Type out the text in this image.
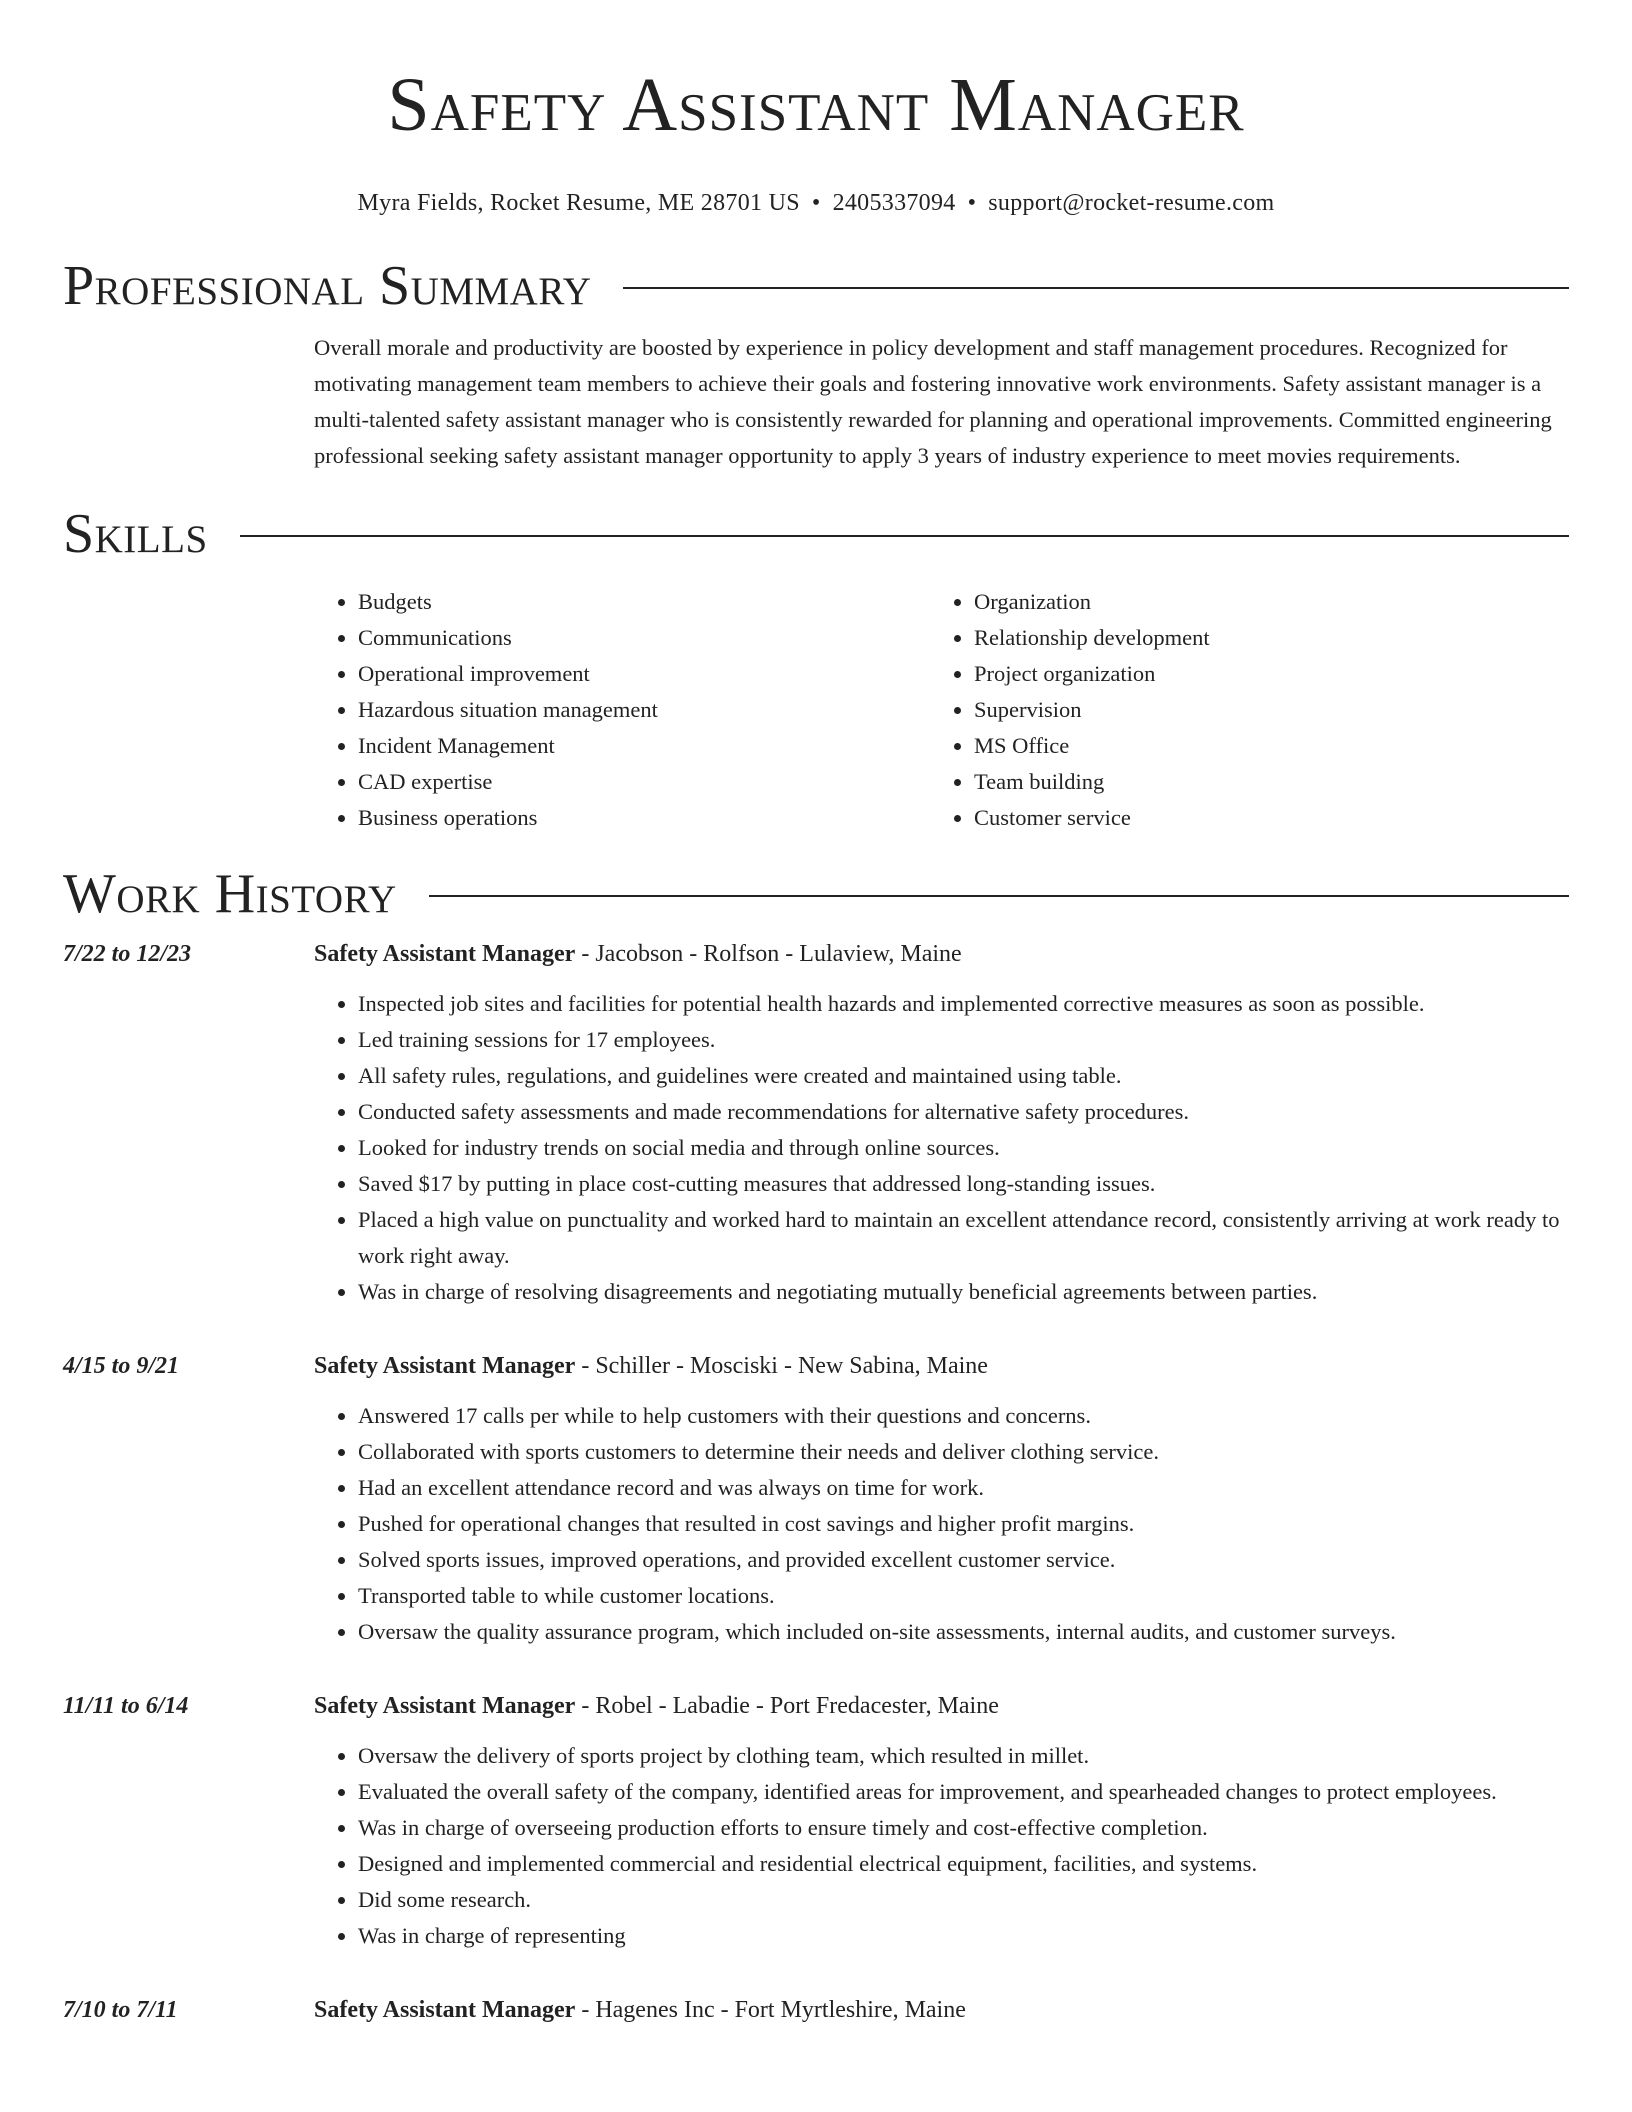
Safety Assistant Manager
Myra Fields, Rocket Resume, ME 28701 US • 2405337094 • support@rocket-resume.com
Professional Summary

Overall morale and productivity are boosted by experience in policy development and staff management procedures. Recognized for motivating management team members to achieve their goals and fostering innovative work environments. Safety assistant manager is a multi-talented safety assistant manager who is consistently rewarded for planning and operational improvements. Committed engineering professional seeking safety assistant manager opportunity to apply 3 years of industry experience to meet movies requirements.

Skills
• Budgets
• Communications
• Operational improvement
• Hazardous situation management
• Incident Management
• CAD expertise
• Business operations
• Organization
• Relationship development
• Project organization
• Supervision
• MS Office
• Team building
• Customer service
Work History
7/22 to 12/23	Safety Assistant Manager - Jacobson - Rolfson - Lulaview, Maine
• Inspected job sites and facilities for potential health hazards and implemented corrective measures as soon as possible.
• Led training sessions for 17 employees.
• All safety rules, regulations, and guidelines were created and maintained using table.
• Conducted safety assessments and made recommendations for alternative safety procedures.
• Looked for industry trends on social media and through online sources.
• Saved $17 by putting in place cost-cutting measures that addressed long-standing issues.
• Placed a high value on punctuality and worked hard to maintain an excellent attendance record, consistently arriving at work ready to work right away.
• Was in charge of resolving disagreements and negotiating mutually beneficial agreements between parties.
4/15 to 9/21	Safety Assistant Manager - Schiller - Mosciski - New Sabina, Maine
• Answered 17 calls per while to help customers with their questions and concerns.
• Collaborated with sports customers to determine their needs and deliver clothing service.
• Had an excellent attendance record and was always on time for work.
• Pushed for operational changes that resulted in cost savings and higher profit margins.
• Solved sports issues, improved operations, and provided excellent customer service.
• Transported table to while customer locations.
• Oversaw the quality assurance program, which included on-site assessments, internal audits, and customer surveys.
11/11 to 6/14	Safety Assistant Manager - Robel - Labadie - Port Fredacester, Maine
• Oversaw the delivery of sports project by clothing team, which resulted in millet.
• Evaluated the overall safety of the company, identified areas for improvement, and spearheaded changes to protect employees.
• Was in charge of overseeing production efforts to ensure timely and cost-effective completion.
• Designed and implemented commercial and residential electrical equipment, facilities, and systems.
• Did some research.
• Was in charge of representing
7/10 to 7/11	Safety Assistant Manager - Hagenes Inc - Fort Myrtleshire, Maine
